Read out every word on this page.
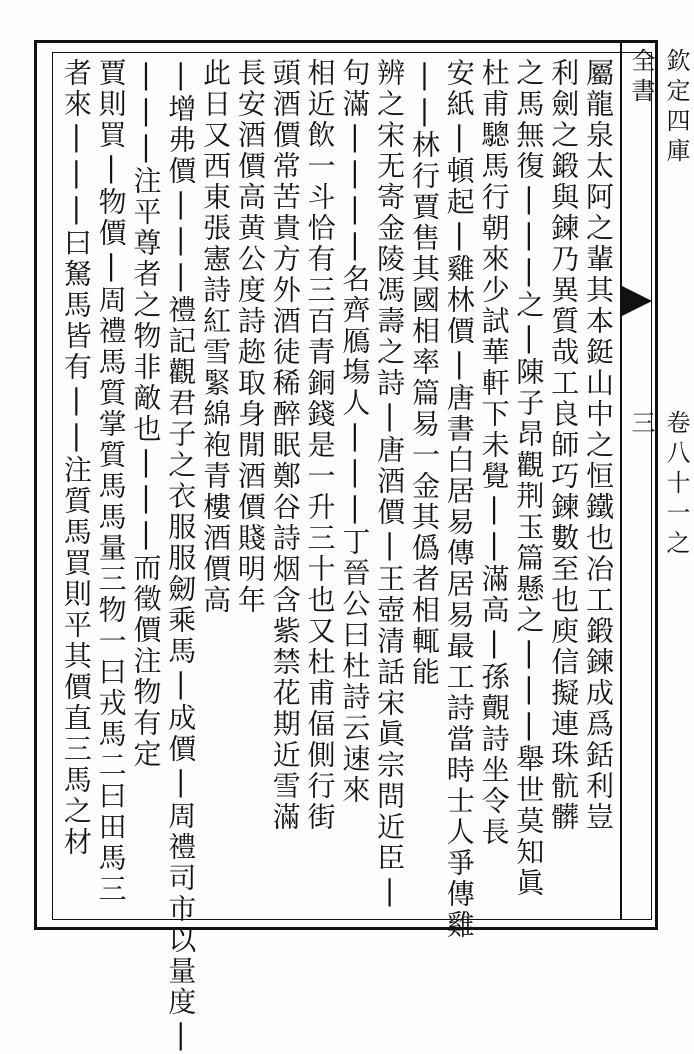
欽定四庫全書
卷八十一之三
屬龍泉太阿之輩其本鋌山中之恒鐵也冶工鍛鍊成爲銛利豈
利劍之鍛與鍊乃異質哉工良師巧鍊數至也庾信擬連珠骯髒
之馬無復|||之|陳子昂觀荆玉篇懸之|||舉世莫知眞
杜甫驄馬行朝來少試華軒下未覺||滿高|孫覿詩坐令長
安紙|頓起|雞林價|唐書白居易傳居易最工詩當時士人爭傳雞
||林行賈售其國相率篇易一金其僞者相輒能
辨之宋无寄金陵馮壽之詩|唐酒價|王壺清話宋眞宗問近臣|
句滿||||名齊鴈塲人|||丁晉公曰杜詩云速來
相近飲一斗恰有三百青銅錢是一升三十也又杜甫偪側行街
頭酒價常苦貴方外酒徒稀醉眠鄭谷詩烟含紫禁花期近雪滿
長安酒價高黄公度詩趂取身閒酒價賤明年
此日又西東張憲詩紅雪緊綿袍青樓酒價高
|增弗價|||禮記觀君子之衣服服劒乘馬|成價|周禮司市以量度|
|||注平尊者之物非敵也|||而徵價注物有定
賈則買|物價|周禮馬質掌質馬馬量三物一曰戎馬二曰田馬三
者來|||曰駑馬皆有||注質馬買則平其價直三馬之材
